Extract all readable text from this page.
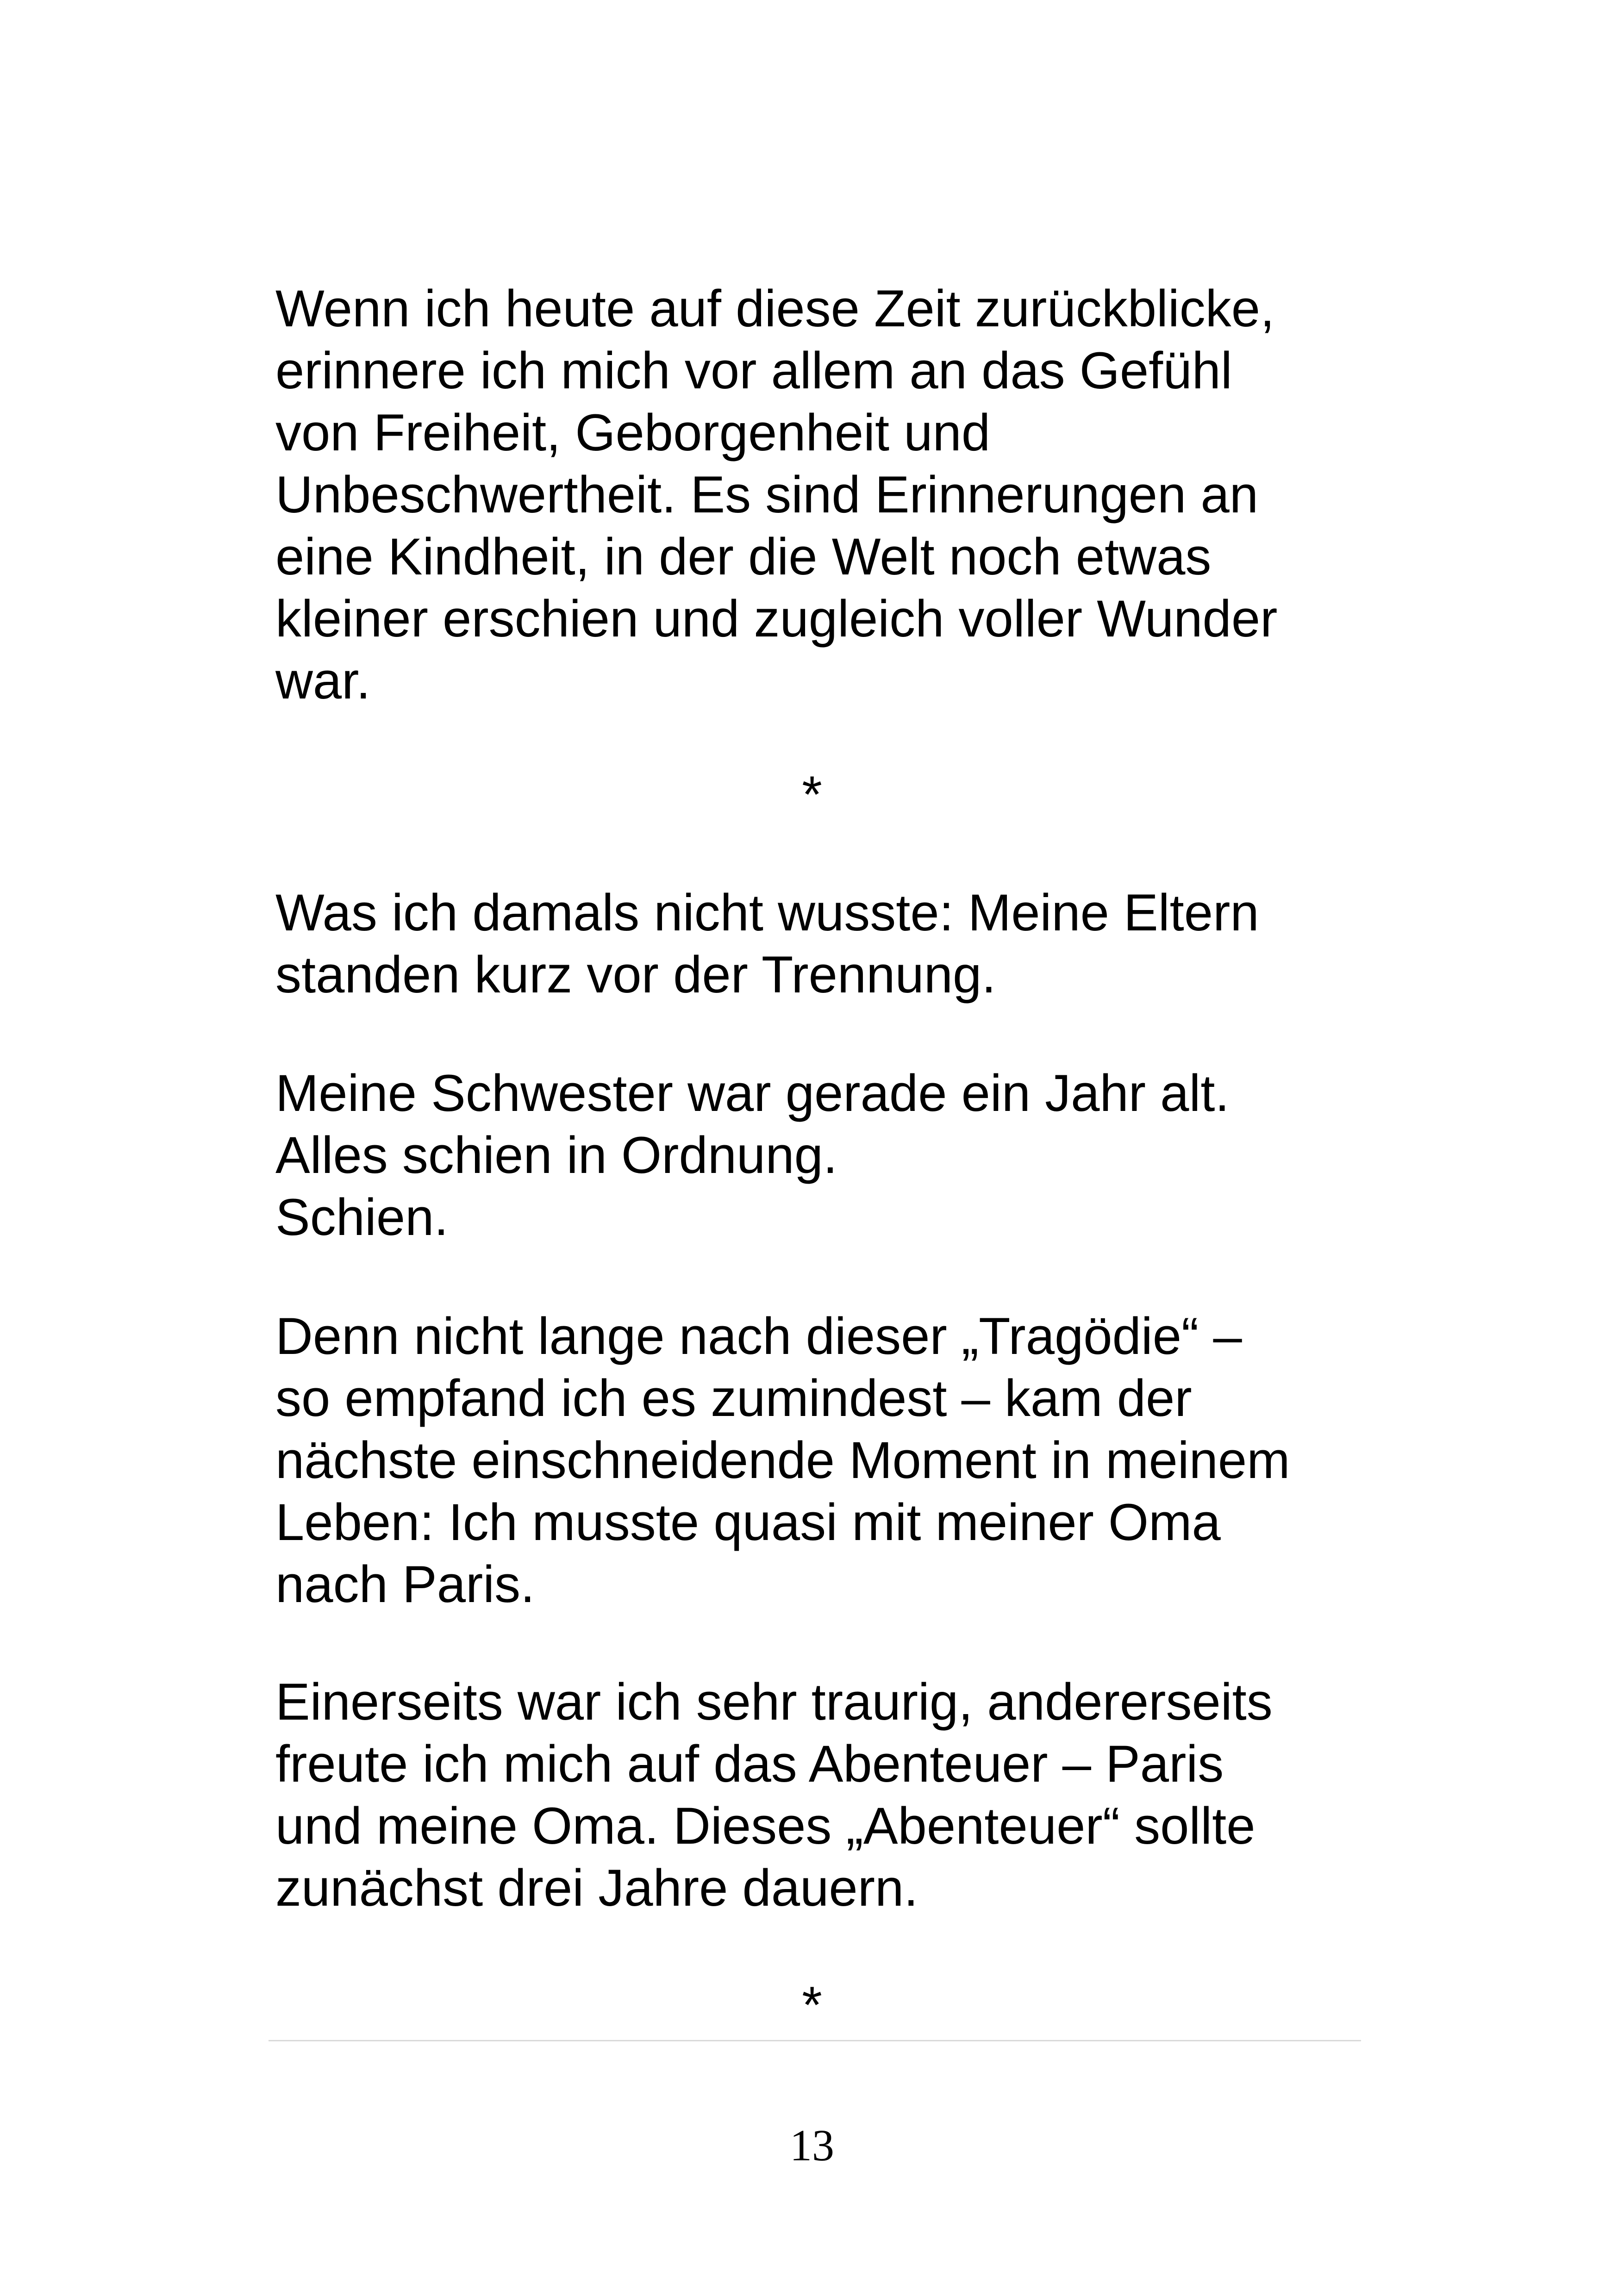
Wenn ich heute auf diese Zeit zurückblicke,
erinnere ich mich vor allem an das Gefühl
von Freiheit, Geborgenheit und
Unbeschwertheit. Es sind Erinnerungen an
eine Kindheit, in der die Welt noch etwas
kleiner erschien und zugleich voller Wunder
war.

*

Was ich damals nicht wusste: Meine Eltern
standen kurz vor der Trennung.

Meine Schwester war gerade ein Jahr alt.
Alles schien in Ordnung.
Schien.

Denn nicht lange nach dieser „Tragödie“ –
so empfand ich es zumindest – kam der
nächste einschneidende Moment in meinem
Leben: Ich musste quasi mit meiner Oma
nach Paris.

Einerseits war ich sehr traurig, andererseits
freute ich mich auf das Abenteuer – Paris
und meine Oma. Dieses „Abenteuer“ sollte
zunächst drei Jahre dauern.

*

13
